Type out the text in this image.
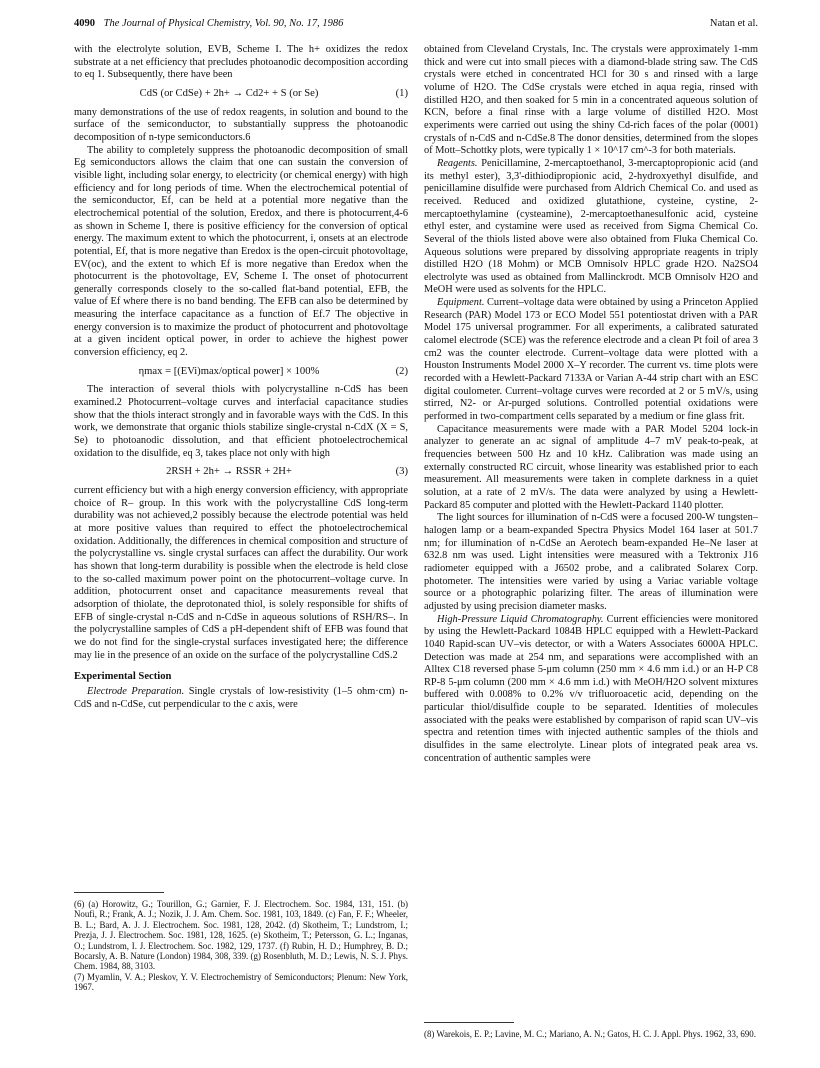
4090 The Journal of Physical Chemistry, Vol. 90, No. 17, 1986	Natan et al.

with the electrolyte solution, EVB, Scheme I. The h+ oxidizes the redox substrate at a net efficiency that precludes photoanodic decomposition according to eq 1. Subsequently, there have been

CdS (or CdSe) + 2h+ → Cd2+ + S (or Se)	(1)

many demonstrations of the use of redox reagents, in solution and bound to the surface of the semiconductor, to substantially suppress the photoanodic decomposition of n-type semiconductors.6

The ability to completely suppress the photoanodic decomposition of small Eg semiconductors allows the claim that one can sustain the conversion of visible light, including solar energy, to electricity (or chemical energy) with high efficiency and for long periods of time. When the electrochemical potential of the semiconductor, Ef, can be held at a potential more negative than the electrochemical potential of the solution, Eredox, and there is photocurrent,4-6 as shown in Scheme I, there is positive efficiency for the conversion of optical energy. The maximum extent to which the photocurrent, i, onsets at an electrode potential, Ef, that is more negative than Eredox is the open-circuit photovoltage, EV(oc), and the extent to which Ef is more negative than Eredox when the photocurrent is the photovoltage, EV, Scheme I. The onset of photocurrent generally corresponds closely to the so-called flat-band potential, EFB, the value of Ef where there is no band bending. The EFB can also be determined by measuring the interface capacitance as a function of Ef.7 The objective in energy conversion is to maximize the product of photocurrent and photovoltage at a given incident optical power, in order to achieve the highest power conversion efficiency, eq 2.

ηmax = [(EVi)max/optical power] × 100%	(2)

The interaction of several thiols with polycrystalline n-CdS has been examined.2 Photocurrent–voltage curves and interfacial capacitance studies show that the thiols interact strongly and in favorable ways with the CdS. In this work, we demonstrate that organic thiols stabilize single-crystal n-CdX (X = S, Se) to photoanodic dissolution, and that efficient photoelectrochemical oxidation to the disulfide, eq 3, takes place not only with high

2RSH + 2h+ → RSSR + 2H+	(3)

current efficiency but with a high energy conversion efficiency, with appropriate choice of R– group. In this work with the polycrystalline CdS long-term durability was not achieved,2 possibly because the electrode potential was held at more positive values than required to effect the photoelectrochemical oxidation. Additionally, the differences in chemical composition and structure of the polycrystalline vs. single crystal surfaces can affect the durability. Our work has shown that long-term durability is possible when the electrode is held close to the so-called maximum power point on the photocurrent–voltage curve. In addition, photocurrent onset and capacitance measurements reveal that adsorption of thiolate, the deprotonated thiol, is solely responsible for shifts of EFB of single-crystal n-CdS and n-CdSe in aqueous solutions of RSH/RS–. In the polycrystalline samples of CdS a pH-dependent shift of EFB was found that we do not find for the single-crystal surfaces investigated here; the difference may lie in the presence of an oxide on the surface of the polycrystalline CdS.2

Experimental Section

Electrode Preparation. Single crystals of low-resistivity (1–5 ohm·cm) n-CdS and n-CdSe, cut perpendicular to the c axis, were

(6) (a) Horowitz, G.; Tourillon, G.; Garnier, F. J. Electrochem. Soc. 1984, 131, 151. (b) Noufi, R.; Frank, A. J.; Nozik, J. J. Am. Chem. Soc. 1981, 103, 1849. (c) Fan, F. F.; Wheeler, B. L.; Bard, A. J. J. Electrochem. Soc. 1981, 128, 2042. (d) Skotheim, T.; Lundstrom, I.; Prezja, J. J. Electrochem. Soc. 1981, 128, 1625. (e) Skotheim, T.; Petersson, G. L.; Inganas, O.; Lundstrom, I. J. Electrochem. Soc. 1982, 129, 1737. (f) Rubin, H. D.; Humphrey, B. D.; Bocarsly, A. B. Nature (London) 1984, 308, 339. (g) Rosenbluth, M. D.; Lewis, N. S. J. Phys. Chem. 1984, 88, 3103.

(7) Myamlin, V. A.; Pleskov, Y. V. Electrochemistry of Semiconductors; Plenum: New York, 1967.

obtained from Cleveland Crystals, Inc. The crystals were approximately 1-mm thick and were cut into small pieces with a diamond-blade string saw. The CdS crystals were etched in concentrated HCl for 30 s and rinsed with a large volume of H2O. The CdSe crystals were etched in aqua regia, rinsed with distilled H2O, and then soaked for 5 min in a concentrated aqueous solution of KCN, before a final rinse with a large volume of distilled H2O. Most experiments were carried out using the shiny Cd-rich faces of the polar (0001) crystals of n-CdS and n-CdSe.8 The donor densities, determined from the slopes of Mott–Schottky plots, were typically 1 × 10^17 cm^-3 for both materials.

Reagents. Penicillamine, 2-mercaptoethanol, 3-mercaptopropionic acid (and its methyl ester), 3,3'-dithiodipropionic acid, 2-hydroxyethyl disulfide, and penicillamine disulfide were purchased from Aldrich Chemical Co. and used as received. Reduced and oxidized glutathione, cysteine, cystine, 2-mercaptoethylamine (cysteamine), 2-mercaptoethanesulfonic acid, cysteine ethyl ester, and cystamine were used as received from Sigma Chemical Co. Several of the thiols listed above were also obtained from Fluka Chemical Co. Aqueous solutions were prepared by dissolving appropriate reagents in triply distilled H2O (18 Mohm) or MCB Omnisolv HPLC grade H2O. Na2SO4 electrolyte was used as obtained from Mallinckrodt. MCB Omnisolv H2O and MeOH were used as solvents for the HPLC.

Equipment. Current–voltage data were obtained by using a Princeton Applied Research (PAR) Model 173 or ECO Model 551 potentiostat driven with a PAR Model 175 universal programmer. For all experiments, a calibrated saturated calomel electrode (SCE) was the reference electrode and a clean Pt foil of area 3 cm2 was the counter electrode. Current–voltage data were plotted with a Houston Instruments Model 2000 X–Y recorder. The current vs. time plots were recorded with a Hewlett-Packard 7133A or Varian A-44 strip chart with an ESC digital coulometer. Current–voltage curves were recorded at 2 or 5 mV/s, using stirred, N2- or Ar-purged solutions. Controlled potential oxidations were performed in two-compartment cells separated by a medium or fine glass frit.

Capacitance measurements were made with a PAR Model 5204 lock-in analyzer to generate an ac signal of amplitude 4–7 mV peak-to-peak, at frequencies between 500 Hz and 10 kHz. Calibration was made using an externally constructed RC circuit, whose linearity was established prior to each measurement. All measurements were taken in complete darkness in a quiet solution, at a rate of 2 mV/s. The data were analyzed by using a Hewlett-Packard 85 computer and plotted with the Hewlett-Packard 1140 plotter.

The light sources for illumination of n-CdS were a focused 200-W tungsten–halogen lamp or a beam-expanded Spectra Physics Model 164 laser at 501.7 nm; for illumination of n-CdSe an Aerotech beam-expanded He–Ne laser at 632.8 nm was used. Light intensities were measured with a Tektronix J16 radiometer equipped with a J6502 probe, and a calibrated Solarex Corp. photometer. The intensities were varied by using a Variac variable voltage source or a photographic polarizing filter. The areas of illumination were adjusted by using precision diameter masks.

High-Pressure Liquid Chromatography. Current efficiencies were monitored by using the Hewlett-Packard 1084B HPLC equipped with a Hewlett-Packard 1040 Rapid-scan UV–vis detector, or with a Waters Associates 6000A HPLC. Detection was made at 254 nm, and separations were accomplished with an Alltex C18 reversed phase 5-μm column (250 mm × 4.6 mm i.d.) or an H-P C8 RP-8 5-μm column (200 mm × 4.6 mm i.d.) with MeOH/H2O solvent mixtures buffered with 0.008% to 0.2% v/v trifluoroacetic acid, depending on the particular thiol/disulfide couple to be separated. Identities of molecules associated with the peaks were established by comparison of rapid scan UV–vis spectra and retention times with injected authentic samples of the thiols and disulfides in the same electrolyte. Linear plots of integrated peak area vs. concentration of authentic samples were

(8) Warekois, E. P.; Lavine, M. C.; Mariano, A. N.; Gatos, H. C. J. Appl. Phys. 1962, 33, 690.
